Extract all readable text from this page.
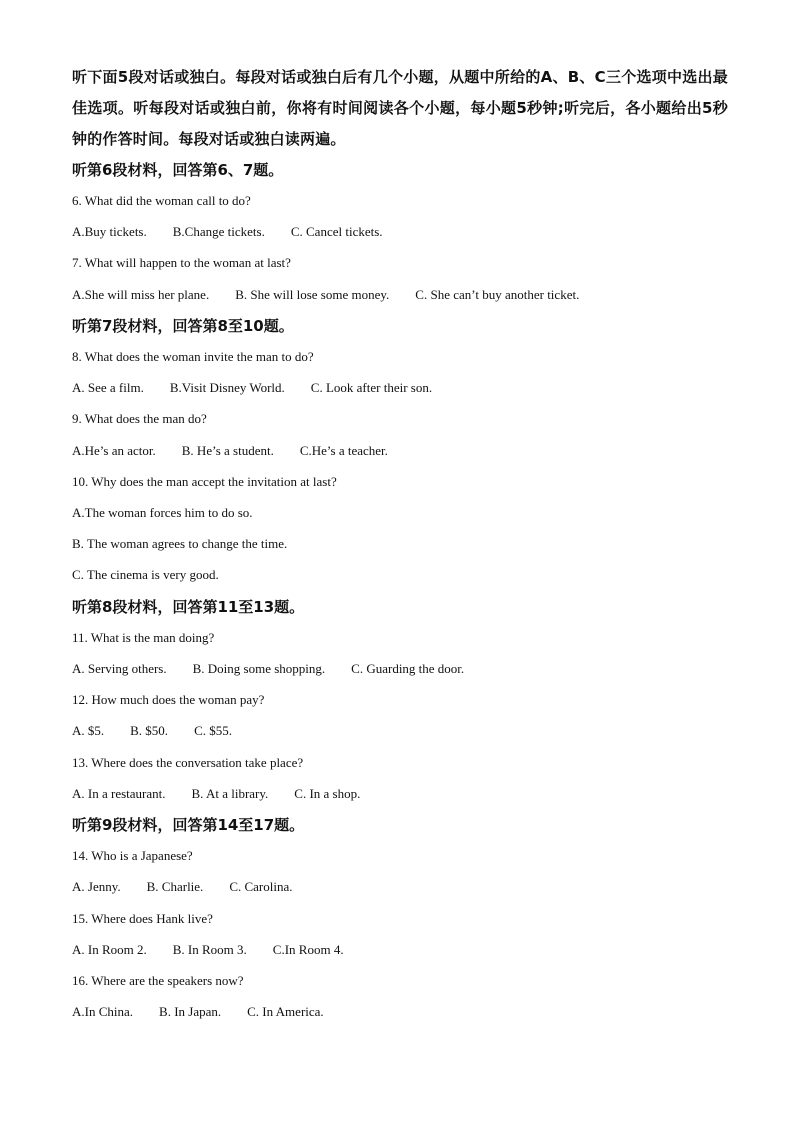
听下面5段对话或独白。每段对话或独白后有几个小题，从题中所给的A、B、C三个选项中选出最佳选项。听每段对话或独白前，你将有时间阅读各个小题，每小题5秒钟;听完后，各小题给出5秒钟的作答时间。每段对话或独白读两遍。

听第6段材料，回答第6、7题。
6. What did the woman call to do?
A.Buy tickets. B.Change tickets. C. Cancel tickets.
7. What will happen to the woman at last?
A.She will miss her plane. B. She will lose some money. C. She can’t buy another ticket.
听第7段材料，回答第8至10题。
8. What does the woman invite the man to do?
A. See a film. B.Visit Disney World. C. Look after their son.
9. What does the man do?
A.He’s an actor. B. He’s a student. C.He’s a teacher.
10. Why does the man accept the invitation at last?
A.The woman forces him to do so.
B. The woman agrees to change the time.
C. The cinema is very good.
听第8段材料，回答第11至13题。
11. What is the man doing?
A. Serving others. B. Doing some shopping. C. Guarding the door.
12. How much does the woman pay?
A. $5. B. $50. C. $55.
13. Where does the conversation take place?
A. In a restaurant. B. At a library. C. In a shop.
听第9段材料，回答第14至17题。
14. Who is a Japanese?
A. Jenny. B. Charlie. C. Carolina.
15. Where does Hank live?
A. In Room 2. B. In Room 3. C.In Room 4.
16. Where are the speakers now?
A.In China. B. In Japan. C. In America.
